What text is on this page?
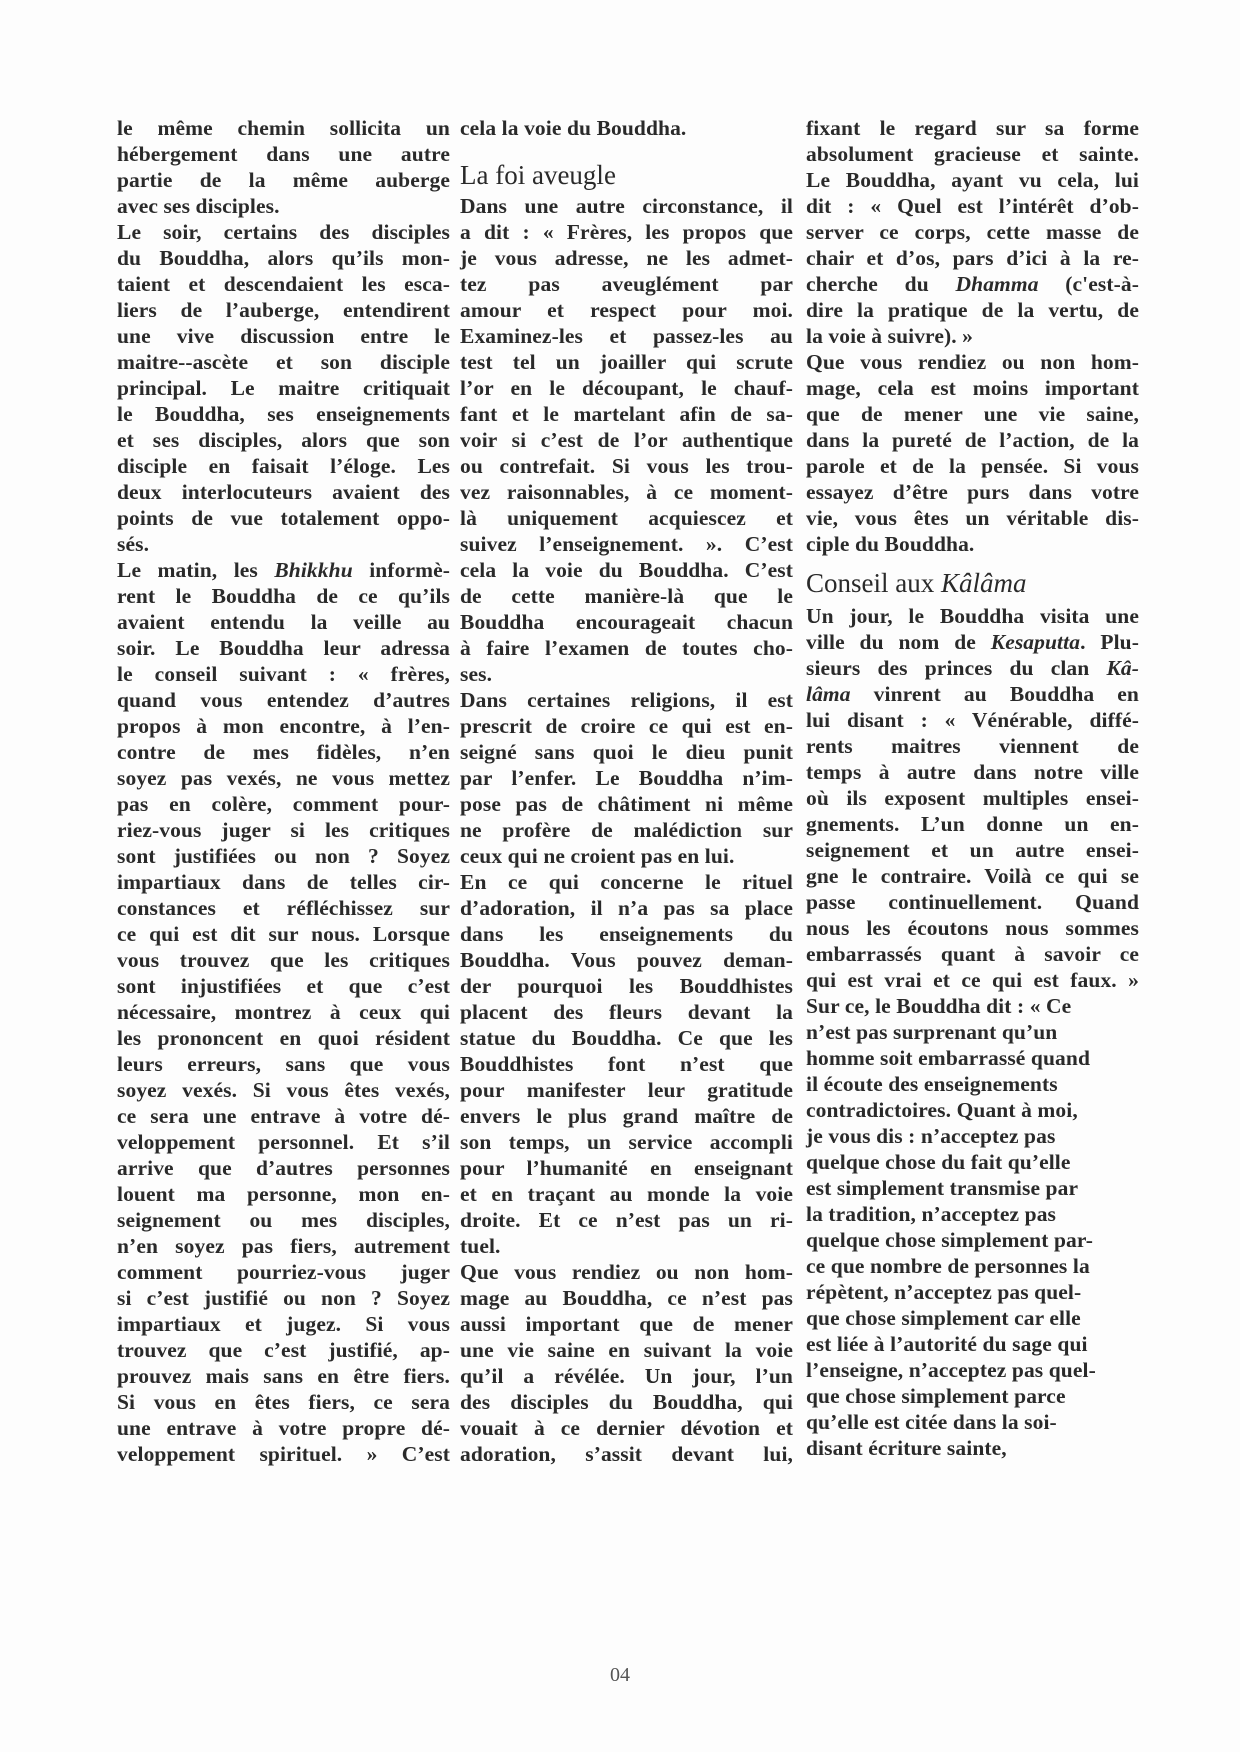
le même chemin sollicita un
hébergement dans une autre
partie de la même auberge
avec ses disciples.
Le soir, certains des disciples
du Bouddha, alors qu’ils mon-
taient et descendaient les esca-
liers de l’auberge, entendirent
une vive discussion entre le
maitre--ascète et son disciple
principal. Le maitre critiquait
le Bouddha, ses enseignements
et ses disciples, alors que son
disciple en faisait l’éloge. Les
deux interlocuteurs avaient des
points de vue totalement oppo-
sés.
Le matin, les Bhikkhu informè-
rent le Bouddha de ce qu’ils
avaient entendu la veille au
soir. Le Bouddha leur adressa
le conseil suivant : « frères,
quand vous entendez d’autres
propos à mon encontre, à l’en-
contre de mes fidèles, n’en
soyez pas vexés, ne vous mettez
pas en colère, comment pour-
riez-vous juger si les critiques
sont justifiées ou non ? Soyez
impartiaux dans de telles cir-
constances et réfléchissez sur
ce qui est dit sur nous. Lorsque
vous trouvez que les critiques
sont injustifiées et que c’est
nécessaire, montrez à ceux qui
les prononcent en quoi résident
leurs erreurs, sans que vous
soyez vexés. Si vous êtes vexés,
ce sera une entrave à votre dé-
veloppement personnel. Et s’il
arrive que d’autres personnes
louent ma personne, mon en-
seignement ou mes disciples,
n’en soyez pas fiers, autrement
comment pourriez-vous juger
si c’est justifié ou non ? Soyez
impartiaux et jugez. Si vous
trouvez que c’est justifié, ap-
prouvez mais sans en être fiers.
Si vous en êtes fiers, ce sera
une entrave à votre propre dé-
veloppement spirituel. » C’est
cela la voie du Bouddha.
La foi aveugle
Dans une autre circonstance, il
a dit : « Frères, les propos que
je vous adresse, ne les admet-
tez pas aveuglément par
amour et respect pour moi.
Examinez-les et passez-les au
test tel un joailler qui scrute
l’or en le découpant, le chauf-
fant et le martelant afin de sa-
voir si c’est de l’or authentique
ou contrefait. Si vous les trou-
vez raisonnables, à ce moment-
là uniquement acquiescez et
suivez l’enseignement. ». C’est
cela la voie du Bouddha. C’est
de cette manière-là que le
Bouddha encourageait chacun
à faire l’examen de toutes cho-
ses.
Dans certaines religions, il est
prescrit de croire ce qui est en-
seigné sans quoi le dieu punit
par l’enfer. Le Bouddha n’im-
pose pas de châtiment ni même
ne profère de malédiction sur
ceux qui ne croient pas en lui.
En ce qui concerne le rituel
d’adoration, il n’a pas sa place
dans les enseignements du
Bouddha. Vous pouvez deman-
der pourquoi les Bouddhistes
placent des fleurs devant la
statue du Bouddha. Ce que les
Bouddhistes font n’est que
pour manifester leur gratitude
envers le plus grand maître de
son temps, un service accompli
pour l’humanité en enseignant
et en traçant au monde la voie
droite. Et ce n’est pas un ri-
tuel.
Que vous rendiez ou non hom-
mage au Bouddha, ce n’est pas
aussi important que de mener
une vie saine en suivant la voie
qu’il a révélée. Un jour, l’un
des disciples du Bouddha, qui
vouait à ce dernier dévotion et
adoration, s’assit devant lui,
fixant le regard sur sa forme
absolument gracieuse et sainte.
Le Bouddha, ayant vu cela, lui
dit : « Quel est l’intérêt d’ob-
server ce corps, cette masse de
chair et d’os, pars d’ici à la re-
cherche du Dhamma (c'est-à-
dire la pratique de la vertu, de
la voie à suivre). »
Que vous rendiez ou non hom-
mage, cela est moins important
que de mener une vie saine,
dans la pureté de l’action, de la
parole et de la pensée. Si vous
essayez d’être purs dans votre
vie, vous êtes un véritable dis-
ciple du Bouddha.
Conseil aux Kâlâma
Un jour, le Bouddha visita une
ville du nom de Kesaputta. Plu-
sieurs des princes du clan Kâ-
lâma vinrent au Bouddha en
lui disant : « Vénérable, diffé-
rents maitres viennent de
temps à autre dans notre ville
où ils exposent multiples ensei-
gnements. L’un donne un en-
seignement et un autre ensei-
gne le contraire. Voilà ce qui se
passe continuellement. Quand
nous les écoutons nous sommes
embarrassés quant à savoir ce
qui est vrai et ce qui est faux. »
Sur ce, le Bouddha dit : « Ce
n’est pas surprenant qu’un
homme soit embarrassé quand
il écoute des enseignements
contradictoires. Quant à moi,
je vous dis : n’acceptez pas
quelque chose du fait qu’elle
est simplement transmise par
la tradition, n’acceptez pas
quelque chose simplement par-
ce que nombre de personnes la
répètent, n’acceptez pas quel-
que chose simplement car elle
est liée à l’autorité du sage qui
l’enseigne, n’acceptez pas quel-
que chose simplement parce
qu’elle est citée dans la soi-
disant écriture sainte,
04
